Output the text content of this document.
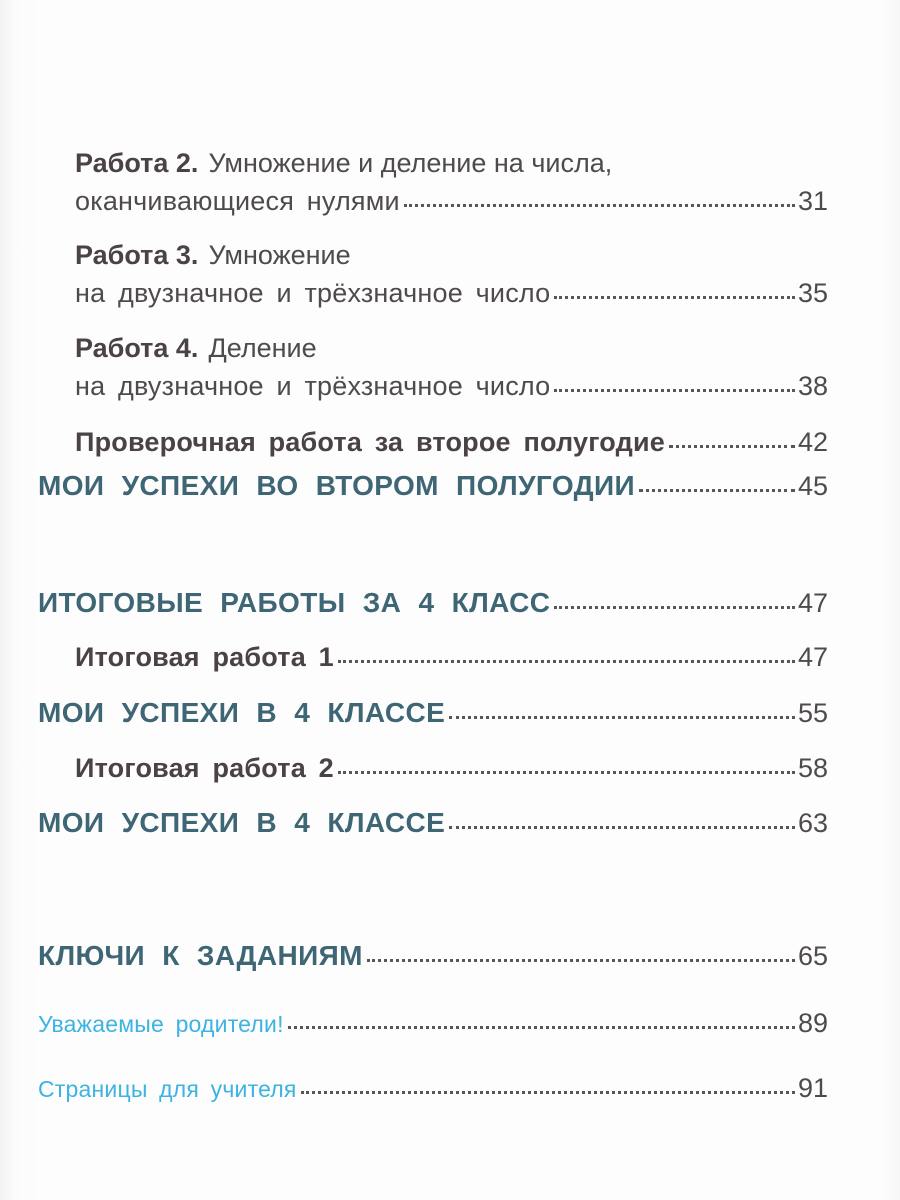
Работа 2. Умножение и деление на числа,
оканчивающиеся нулями	31
Работа 3. Умножение
на двузначное и трёхзначное число	35
Работа 4. Деление
на двузначное и трёхзначное число	38
Проверочная работа за второе полугодие	42
МОИ УСПЕХИ ВО ВТОРОМ ПОЛУГОДИИ	45
ИТОГОВЫЕ РАБОТЫ ЗА 4 КЛАСС	47
Итоговая работа 1	47
МОИ УСПЕХИ В 4 КЛАССЕ	55
Итоговая работа 2	58
МОИ УСПЕХИ В 4 КЛАССЕ	63
КЛЮЧИ К ЗАДАНИЯМ	65
Уважаемые родители!	89
Страницы для учителя	91
